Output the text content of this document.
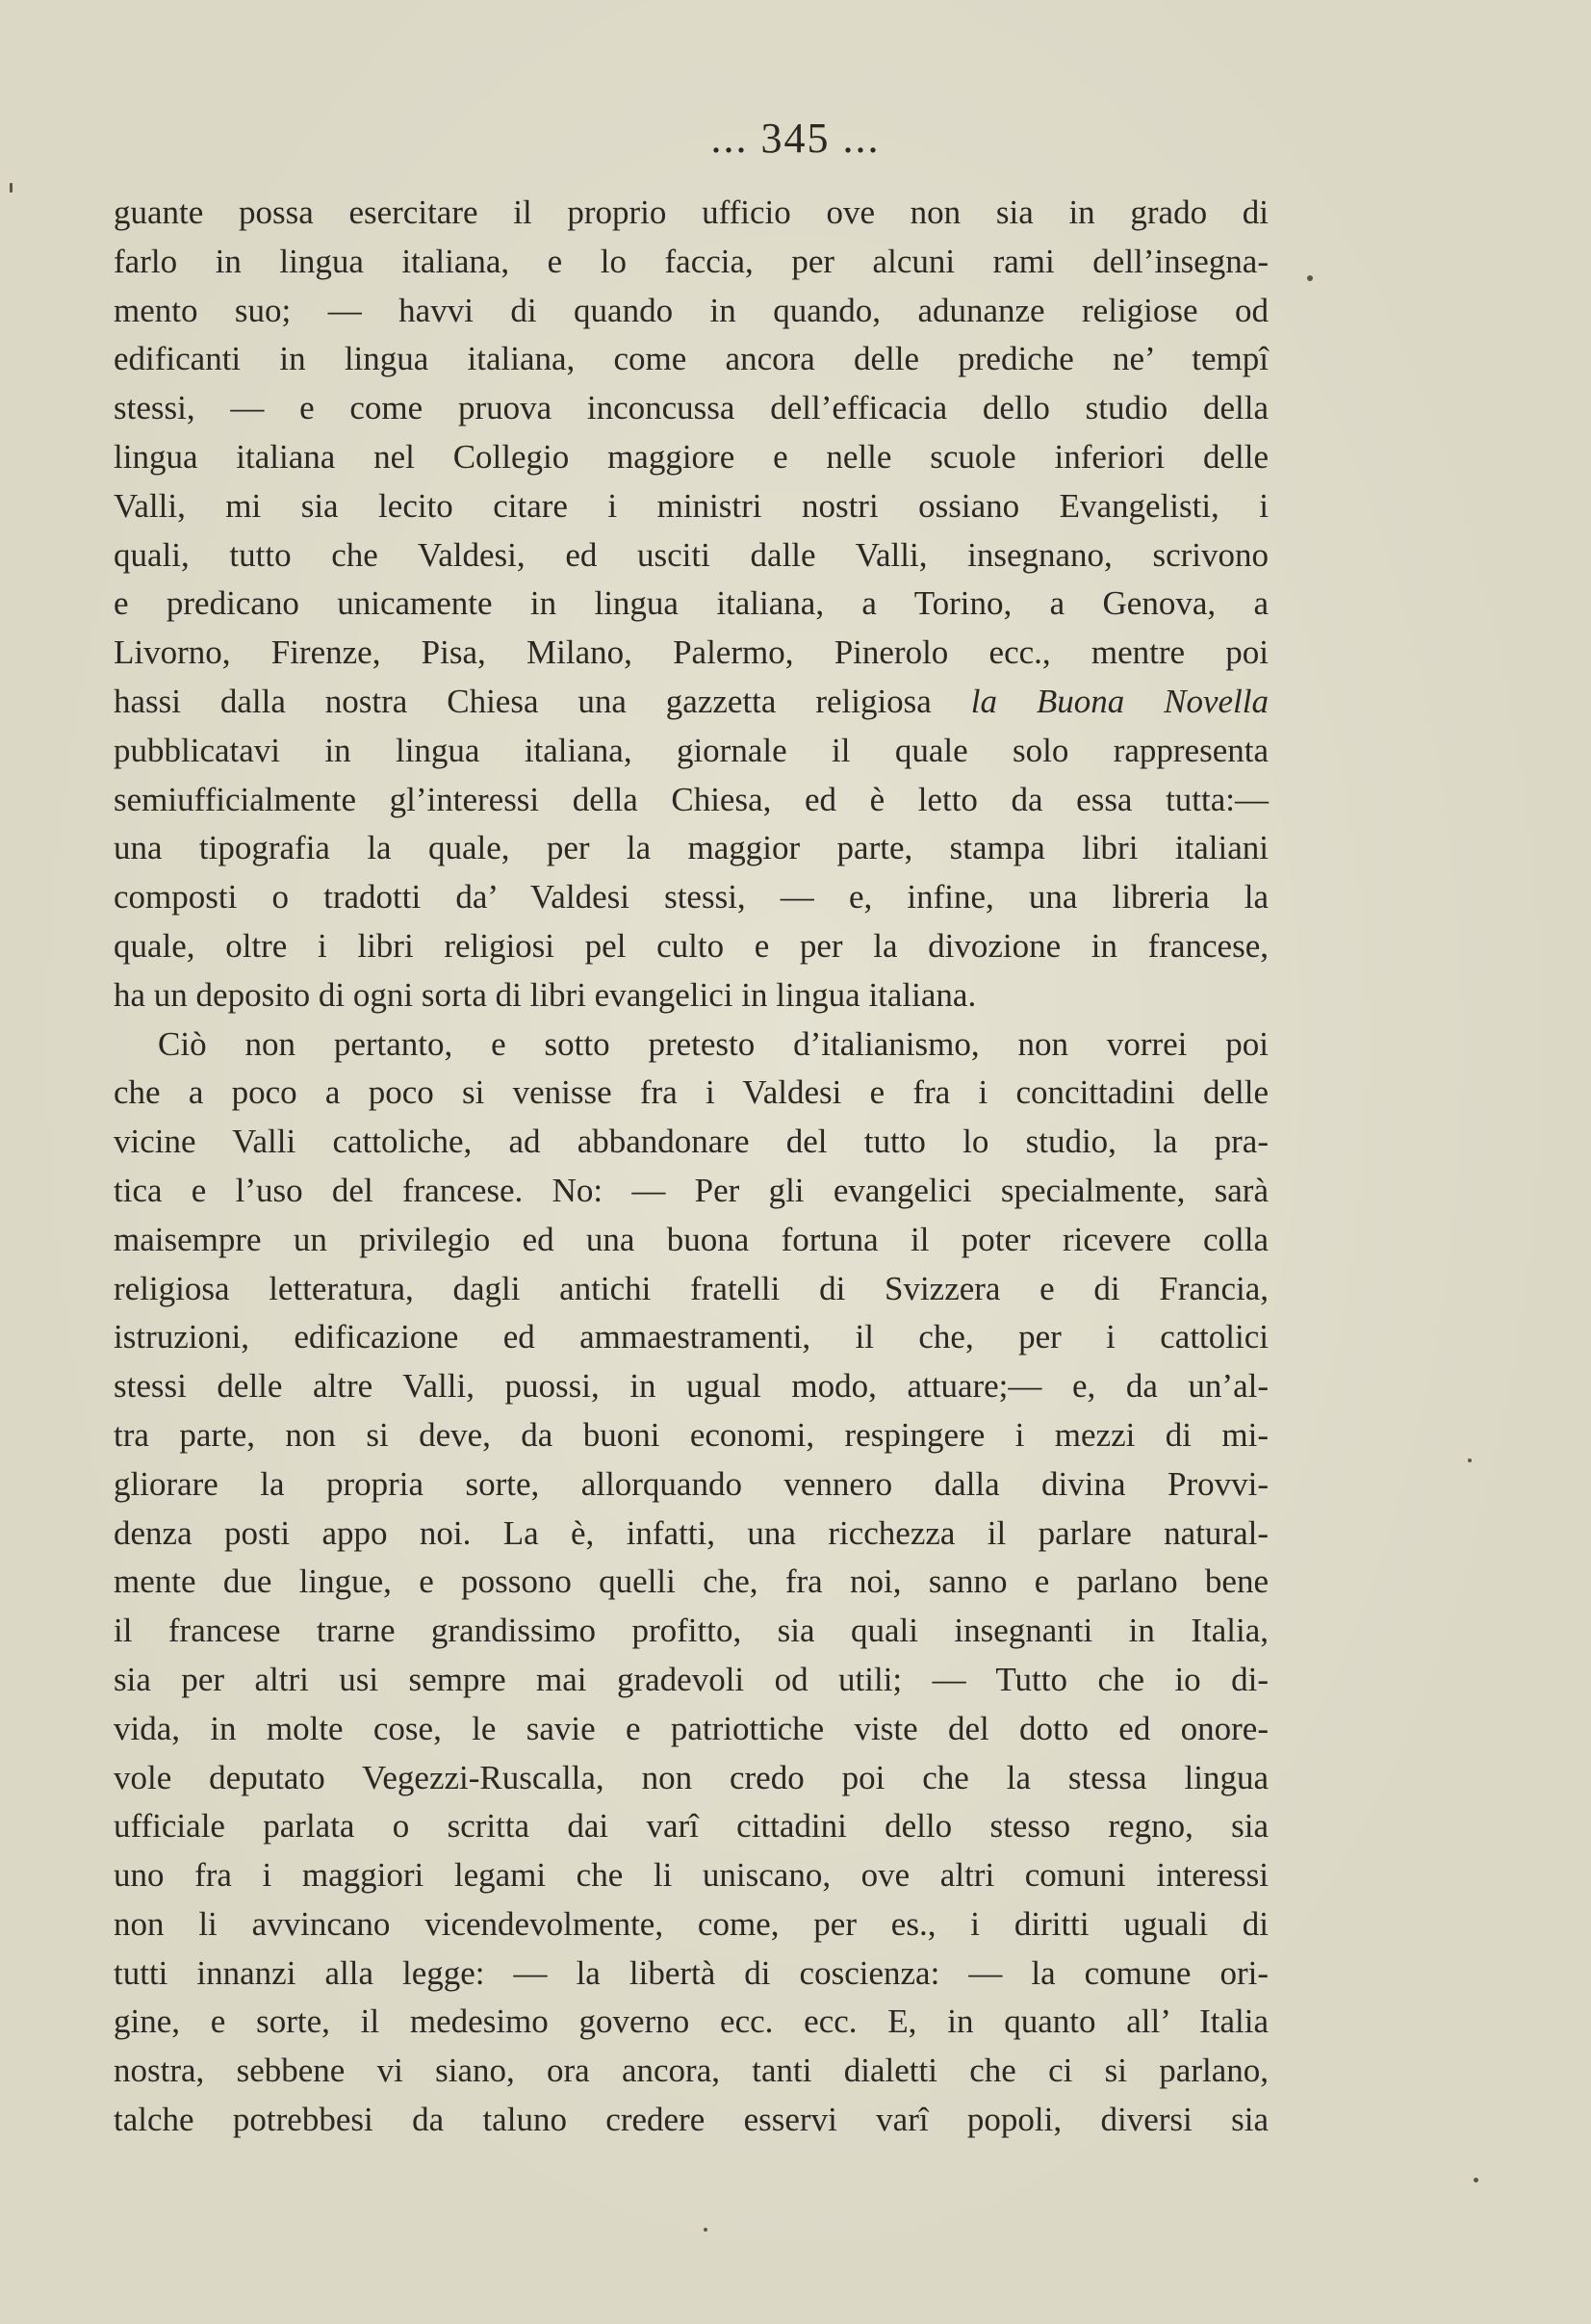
... 345 ...
guante possa esercitare il proprio ufficio ove non sia in grado di
farlo in lingua italiana, e lo faccia, per alcuni rami dell’insegna-
mento suo; — havvi di quando in quando, adunanze religiose od
edificanti in lingua italiana, come ancora delle prediche ne’ tempî
stessi, — e come pruova inconcussa dell’efficacia dello studio della
lingua italiana nel Collegio maggiore e nelle scuole inferiori delle
Valli, mi sia lecito citare i ministri nostri ossiano Evangelisti, i
quali, tutto che Valdesi, ed usciti dalle Valli, insegnano, scrivono
e predicano unicamente in lingua italiana, a Torino, a Genova, a
Livorno, Firenze, Pisa, Milano, Palermo, Pinerolo ecc., mentre poi
hassi dalla nostra Chiesa una gazzetta religiosa la Buona Novella
pubblicatavi in lingua italiana, giornale il quale solo rappresenta
semiufficialmente gl’interessi della Chiesa, ed è letto da essa tutta:—
una tipografia la quale, per la maggior parte, stampa libri italiani
composti o tradotti da’ Valdesi stessi, — e, infine, una libreria la
quale, oltre i libri religiosi pel culto e per la divozione in francese,
ha un deposito di ogni sorta di libri evangelici in lingua italiana.
Ciò non pertanto, e sotto pretesto d’italianismo, non vorrei poi
che a poco a poco si venisse fra i Valdesi e fra i concittadini delle
vicine Valli cattoliche, ad abbandonare del tutto lo studio, la pra-
tica e l’uso del francese. No: — Per gli evangelici specialmente, sarà
maisempre un privilegio ed una buona fortuna il poter ricevere colla
religiosa letteratura, dagli antichi fratelli di Svizzera e di Francia,
istruzioni, edificazione ed ammaestramenti, il che, per i cattolici
stessi delle altre Valli, puossi, in ugual modo, attuare;— e, da un’al-
tra parte, non si deve, da buoni economi, respingere i mezzi di mi-
gliorare la propria sorte, allorquando vennero dalla divina Provvi-
denza posti appo noi. La è, infatti, una ricchezza il parlare natural-
mente due lingue, e possono quelli che, fra noi, sanno e parlano bene
il francese trarne grandissimo profitto, sia quali insegnanti in Italia,
sia per altri usi sempre mai gradevoli od utili; — Tutto che io di-
vida, in molte cose, le savie e patriottiche viste del dotto ed onore-
vole deputato Vegezzi-Ruscalla, non credo poi che la stessa lingua
ufficiale parlata o scritta dai varî cittadini dello stesso regno, sia
uno fra i maggiori legami che li uniscano, ove altri comuni interessi
non li avvincano vicendevolmente, come, per es., i diritti uguali di
tutti innanzi alla legge: — la libertà di coscienza: — la comune ori-
gine, e sorte, il medesimo governo ecc. ecc. E, in quanto all’ Italia
nostra, sebbene vi siano, ora ancora, tanti dialetti che ci si parlano,
talche potrebbesi da taluno credere esservi varî popoli, diversi sia
